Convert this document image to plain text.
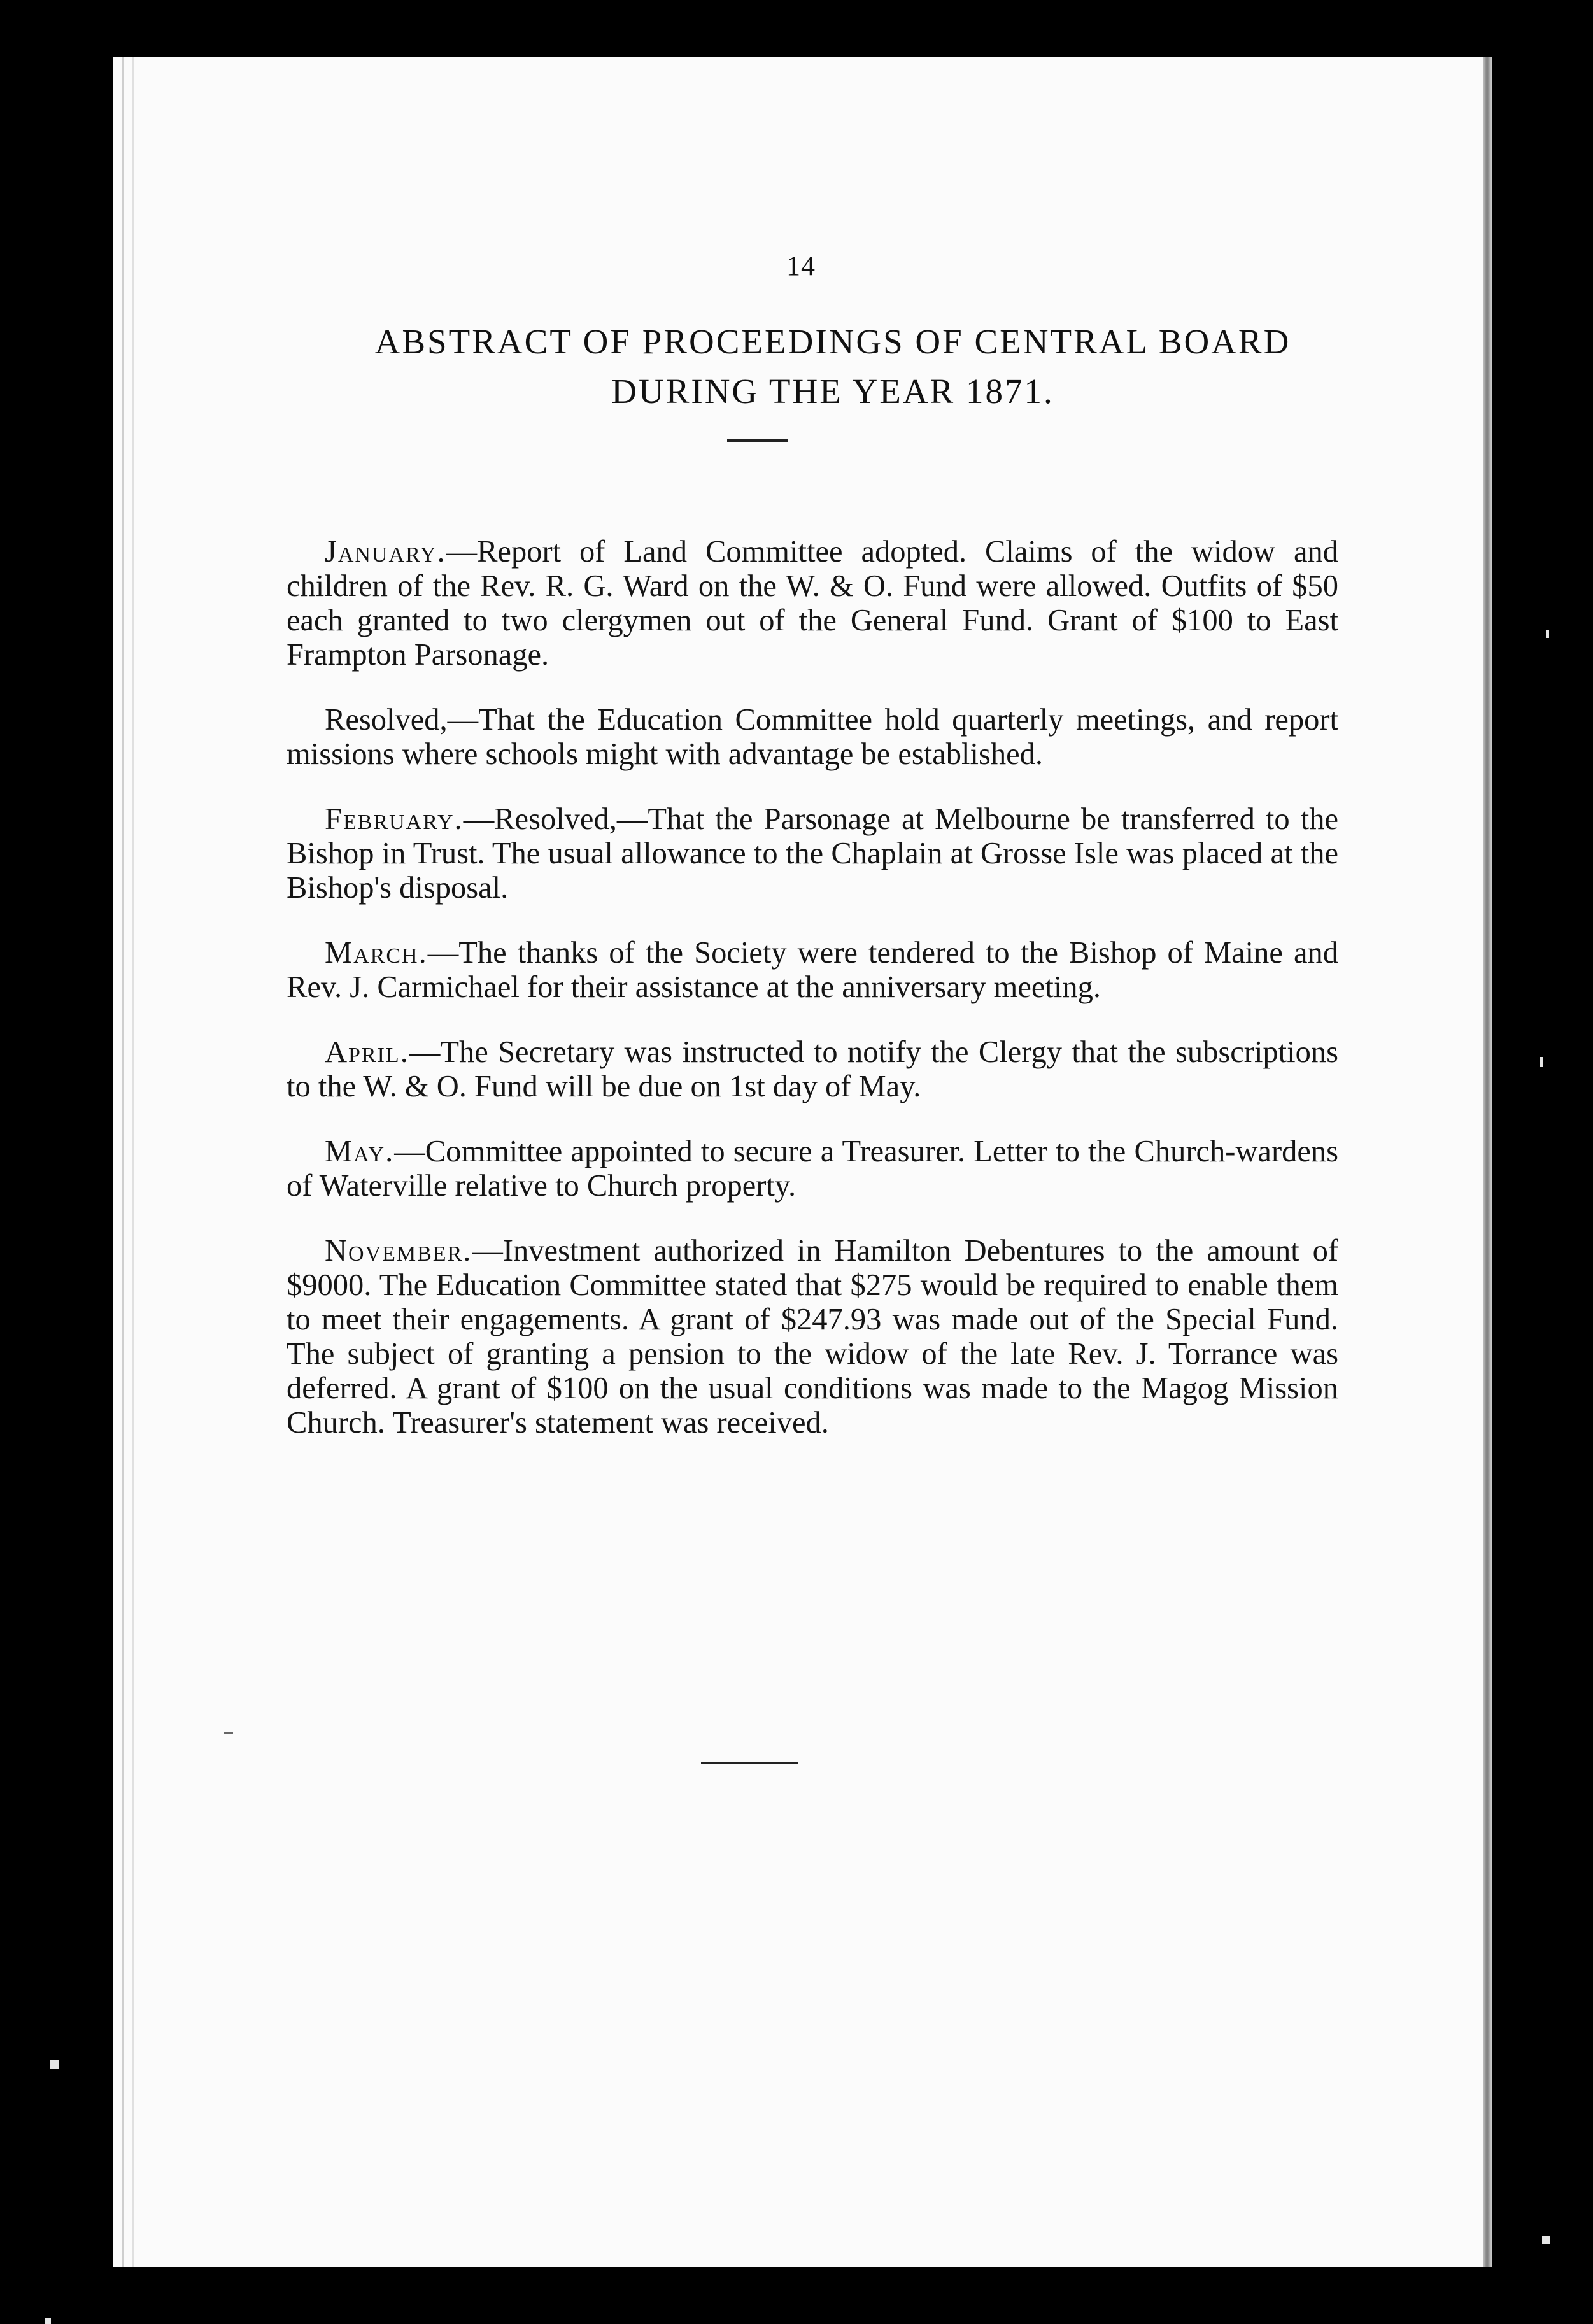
14
ABSTRACT OF PROCEEDINGS OF CENTRAL BOARD
DURING THE YEAR 1871.

January.—Report of Land Committee adopted. Claims of the widow and children of the Rev. R. G. Ward on the W. & O. Fund were allowed. Outfits of $50 each granted to two clergymen out of the General Fund. Grant of $100 to East Frampton Parsonage.

Resolved,—That the Education Committee hold quarterly meetings, and report missions where schools might with advantage be established.

February.—Resolved,—That the Parsonage at Melbourne be transferred to the Bishop in Trust. The usual allowance to the Chaplain at Grosse Isle was placed at the Bishop's disposal.

March.—The thanks of the Society were tendered to the Bishop of Maine and Rev. J. Carmichael for their assistance at the anniversary meeting.

April.—The Secretary was instructed to notify the Clergy that the subscriptions to the W. & O. Fund will be due on 1st day of May.

May.—Committee appointed to secure a Treasurer. Letter to the Church-wardens of Waterville relative to Church property.

November.—Investment authorized in Hamilton Debentures to the amount of $9000. The Education Committee stated that $275 would be required to enable them to meet their engagements. A grant of $247.93 was made out of the Special Fund. The subject of granting a pension to the widow of the late Rev. J. Torrance was deferred. A grant of $100 on the usual conditions was made to the Magog Mission Church. Treasurer's statement was received.
